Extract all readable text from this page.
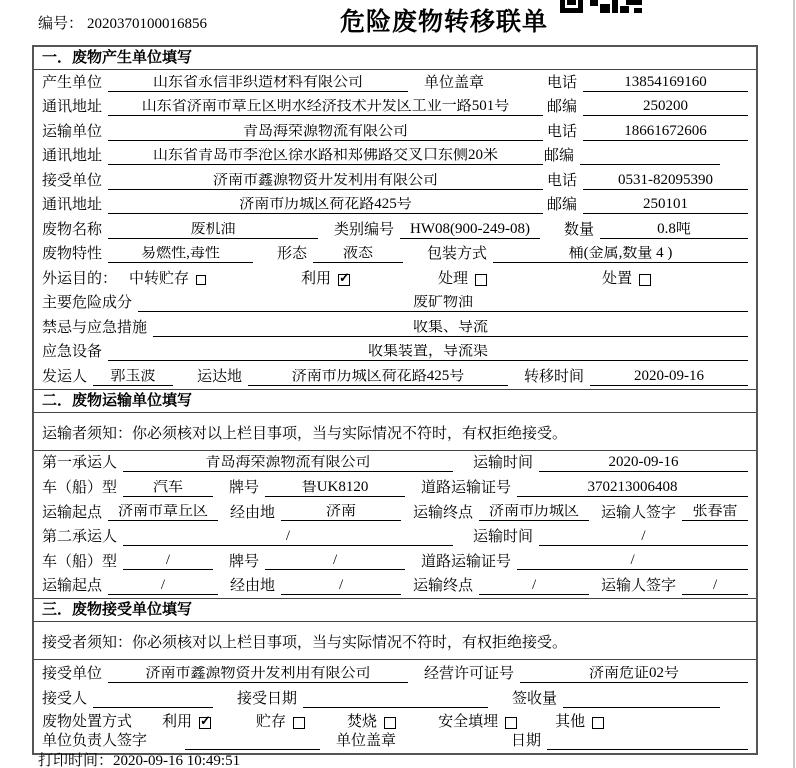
编号： 2020370100016856	危险废物转移联单
一．废物产生单位填写
产生单位	山东省永信非织造材料有限公司	单位盖章	电话	13854169160
通讯地址	山东省济南市章丘区明水经济技术开发区工业一路501号	邮编	250200
运输单位	青岛海荣源物流有限公司	电话	18661672606
通讯地址	山东省青岛市李沧区徐水路和郑佛路交叉口东侧20米	邮编
接受单位	济南市鑫源物资开发利用有限公司	电话	0531-82095390
通讯地址	济南市历城区荷花路425号	邮编	250101
废物名称	废机油	类别编号	HW08(900-249-08)	数量	0.8吨
废物特性	易燃性,毒性	形态	液态	包装方式	桶(金属,数量 4 )
外运目的： 中转贮存	利用 ✓	处理	处置
主要危险成分	废矿物油
禁忌与应急措施	收集、导流
应急设备	收集装置，导流渠
发运人	郭玉波	运达地	济南市历城区荷花路425号	转移时间	2020-09-16
二．废物运输单位填写
运输者须知：你必须核对以上栏目事项，当与实际情况不符时，有权拒绝接受。
第一承运人	青岛海荣源物流有限公司	运输时间	2020-09-16
车（船）型	汽车	牌号	鲁UK8120	道路运输证号	370213006408
运输起点	济南市章丘区	经由地	济南	运输终点	济南市历城区	运输人签字	张春雷
第二承运人	/	运输时间	/
车（船）型	/	牌号	/	道路运输证号	/
运输起点	/	经由地	/	运输终点	/	运输人签字	/
三．废物接受单位填写
接受者须知：你必须核对以上栏目事项，当与实际情况不符时，有权拒绝接受。
接受单位	济南市鑫源物资开发利用有限公司	经营许可证号	济南危证02号
接受人	接受日期	签收量
废物处置方式 利用 ✓	贮存	焚烧	安全填埋	其他
单位负责人签字	单位盖章	日期
打印时间：2020-09-16 10:49:51
